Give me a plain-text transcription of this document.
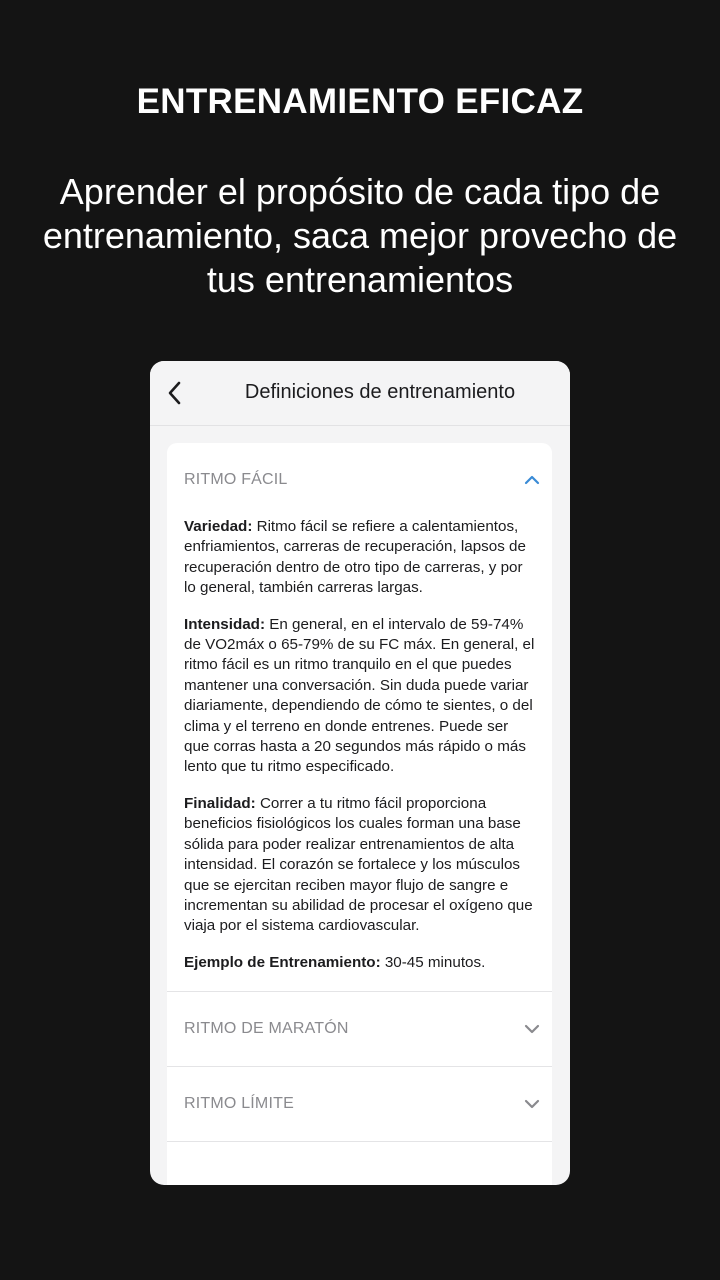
ENTRENAMIENTO EFICAZ
Aprender el propósito de cada tipo de entrenamiento, saca mejor provecho de tus entrenamientos
Definiciones de entrenamiento
RITMO FÁCIL

Variedad: Ritmo fácil se refiere a calentamientos, enfriamientos, carreras de recuperación, lapsos de recuperación dentro de otro tipo de carreras, y por lo general, también carreras largas.

Intensidad: En general, en el intervalo de 59-74% de VO2máx o 65-79% de su FC máx. En general, el ritmo fácil es un ritmo tranquilo en el que puedes mantener una conversación. Sin duda puede variar diariamente, dependiendo de cómo te sientes, o del clima y el terreno en donde entrenes. Puede ser que corras hasta a 20 segundos más rápido o más lento que tu ritmo especificado.

Finalidad: Correr a tu ritmo fácil proporciona beneficios fisiológicos los cuales forman una base sólida para poder realizar entrenamientos de alta intensidad. El corazón se fortalece y los músculos que se ejercitan reciben mayor flujo de sangre e incrementan su abilidad de procesar el oxígeno que viaja por el sistema cardiovascular.

Ejemplo de Entrenamiento: 30-45 minutos.

RITMO DE MARATÓN
RITMO LÍMITE
